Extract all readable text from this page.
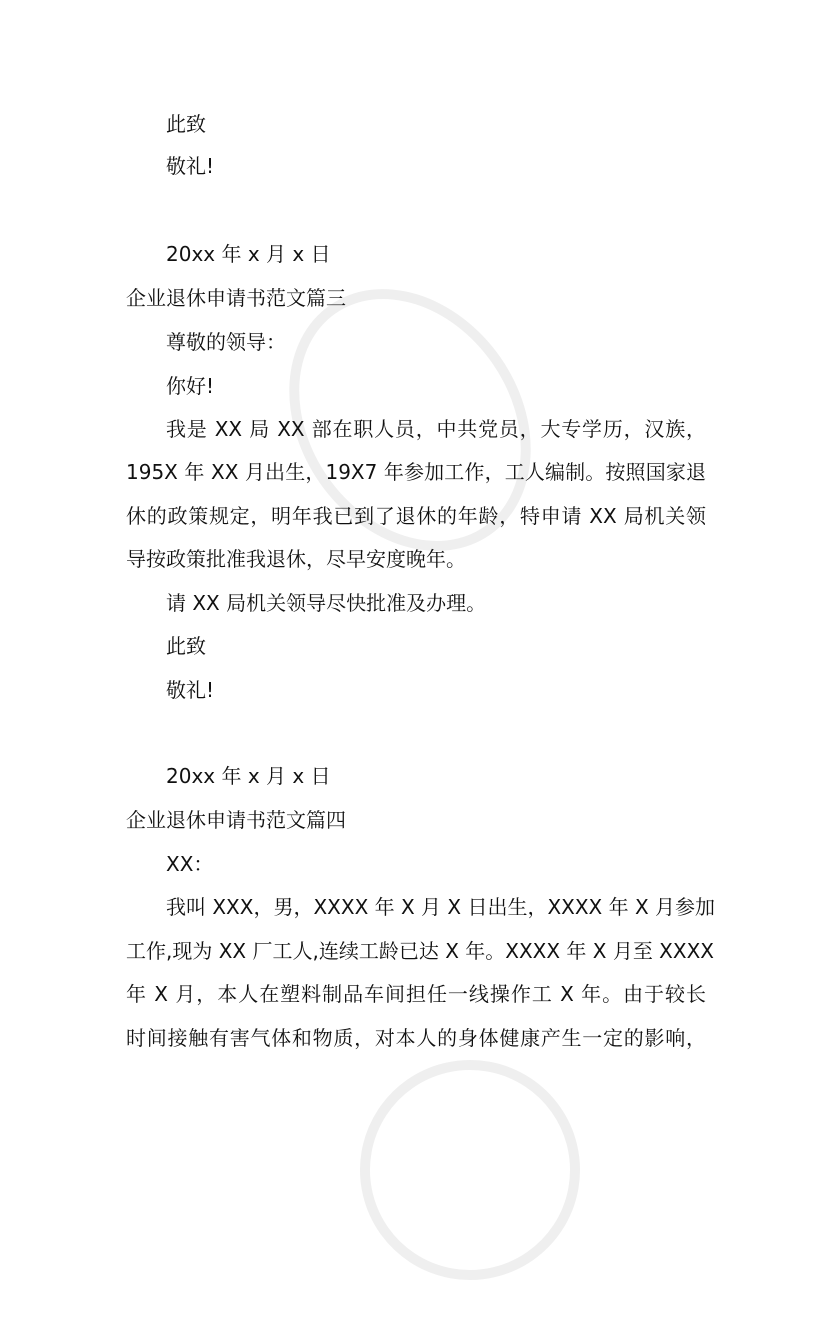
此致
敬礼!
20xx 年 x 月 x 日
企业退休申请书范文篇三
尊敬的领导：
你好!
我是 XX 局 XX 部在职人员，中共党员，大专学历，汉族，
195X 年 XX 月出生，19X7 年参加工作，工人编制。按照国家退
休的政策规定，明年我已到了退休的年龄，特申请 XX 局机关领
导按政策批准我退休，尽早安度晚年。
请 XX 局机关领导尽快批准及办理。
此致
敬礼!
20xx 年 x 月 x 日
企业退休申请书范文篇四
XX：
我叫 XXX，男，XXXX 年 X 月 X 日出生，XXXX 年 X 月参加
工作,现为 XX 厂工人,连续工龄已达 X 年。XXXX 年 X 月至 XXXX
年 X 月，本人在塑料制品车间担任一线操作工 X 年。由于较长
时间接触有害气体和物质，对本人的身体健康产生一定的影响，
